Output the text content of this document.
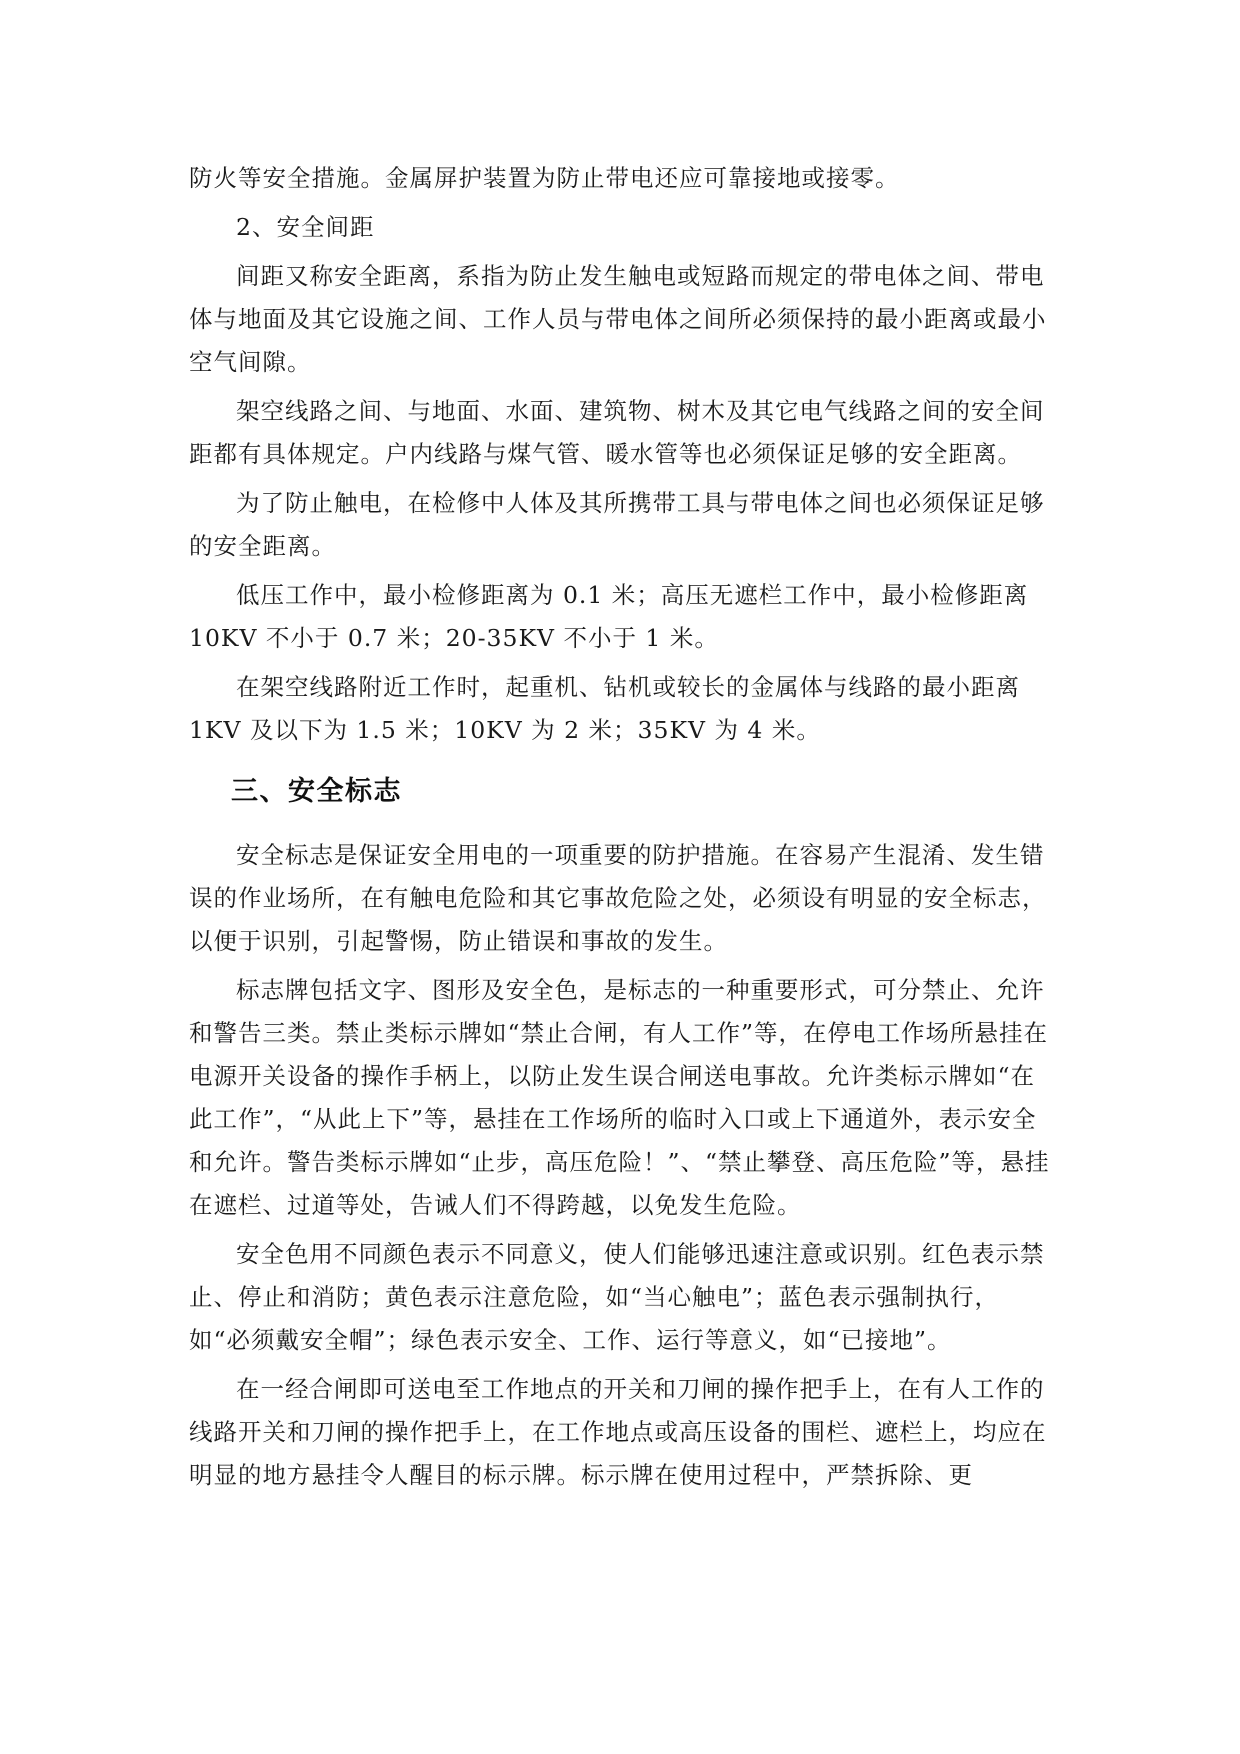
防火等安全措施。金属屏护装置为防止带电还应可靠接地或接零。

2、安全间距

间距又称安全距离，系指为防止发生触电或短路而规定的带电体之间、带电体与地面及其它设施之间、工作人员与带电体之间所必须保持的最小距离或最小空气间隙。

架空线路之间、与地面、水面、建筑物、树木及其它电气线路之间的安全间距都有具体规定。户内线路与煤气管、暖水管等也必须保证足够的安全距离。

为了防止触电，在检修中人体及其所携带工具与带电体之间也必须保证足够的安全距离。

低压工作中，最小检修距离为 0.1 米；高压无遮栏工作中，最小检修距离 10KV 不小于 0.7 米；20-35KV 不小于 1 米。

在架空线路附近工作时，起重机、钻机或较长的金属体与线路的最小距离 1KV 及以下为 1.5 米；10KV 为 2 米；35KV 为 4 米。

三、安全标志

安全标志是保证安全用电的一项重要的防护措施。在容易产生混淆、发生错误的作业场所，在有触电危险和其它事故危险之处，必须设有明显的安全标志，以便于识别，引起警惕，防止错误和事故的发生。

标志牌包括文字、图形及安全色，是标志的一种重要形式，可分禁止、允许和警告三类。禁止类标示牌如“禁止合闸，有人工作”等，在停电工作场所悬挂在电源开关设备的操作手柄上，以防止发生误合闸送电事故。允许类标示牌如“在此工作”，“从此上下”等，悬挂在工作场所的临时入口或上下通道外，表示安全和允许。警告类标示牌如“止步，高压危险！”、“禁止攀登、高压危险”等，悬挂在遮栏、过道等处，告诫人们不得跨越，以免发生危险。

安全色用不同颜色表示不同意义，使人们能够迅速注意或识别。红色表示禁止、停止和消防；黄色表示注意危险，如“当心触电”；蓝色表示强制执行，如“必须戴安全帽”；绿色表示安全、工作、运行等意义，如“已接地”。

在一经合闸即可送电至工作地点的开关和刀闸的操作把手上，在有人工作的线路开关和刀闸的操作把手上，在工作地点或高压设备的围栏、遮栏上，均应在明显的地方悬挂令人醒目的标示牌。标示牌在使用过程中，严禁拆除、更
